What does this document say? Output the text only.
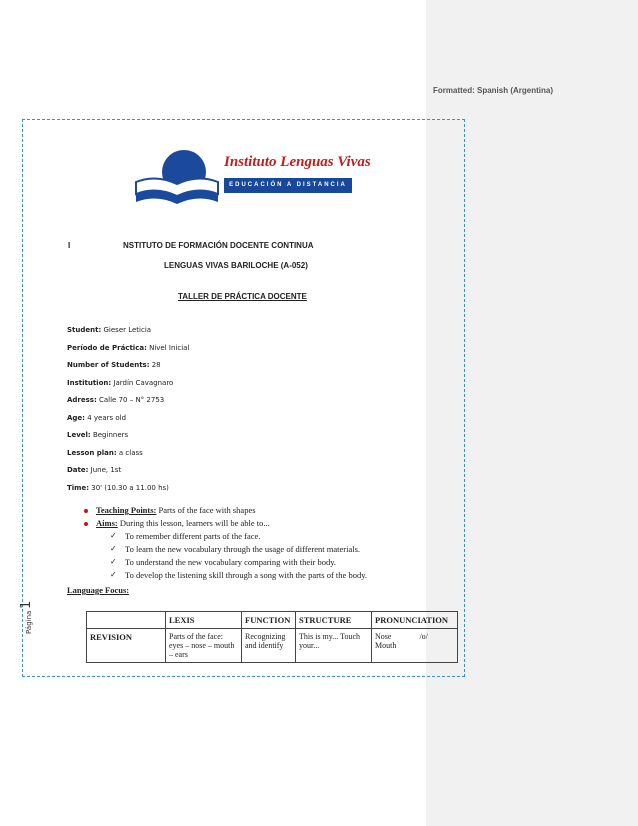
Formatted: Spanish (Argentina)
Instituto Lenguas Vivas
EDUCACIÓN A DISTANCIA
I	NSTITUTO DE FORMACIÓN DOCENTE CONTINUA
LENGUAS VIVAS BARILOCHE (A-052)
TALLER DE PRÁCTICA DOCENTE
Student: Gieser Leticia
Período de Práctica: Nivel Inicial
Number of Students: 28
Institution: Jardín Cavagnaro
Adress: Calle 70 – N° 2753
Age: 4 years old
Level: Beginners
Lesson plan: a class
Date: June, 1st
Time: 30' (10.30 a 11.00 hs)
Teaching Points: Parts of the face with shapes
Aims: During this lesson, learners will be able to...
✓ To remember different parts of the face.
✓ To learn the new vocabulary through the usage of different materials.
✓ To understand the new vocabulary comparing with their body.
✓ To develop the listening skill through a song with the parts of the body.
Language Focus:
	LEXIS	FUNCTION	STRUCTURE	PRONUNCIATION
REVISION	Parts of the face: eyes – nose – mouth – ears	Recognizing and identify	This is my... Touch your...	Nose /o/
Mouth
Página
1
